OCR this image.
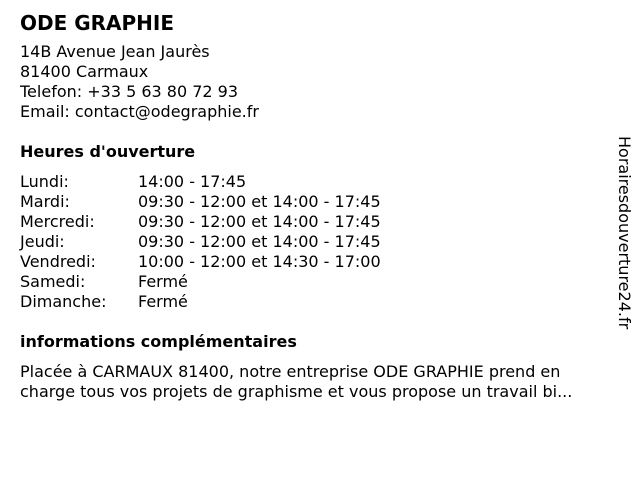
ODE GRAPHIE
14B Avenue Jean Jaurès
81400 Carmaux
Telefon: +33 5 63 80 72 93
Email: contact@odegraphie.fr
Heures d'ouverture
Lundi:	14:00 - 17:45
Mardi:	09:30 - 12:00 et 14:00 - 17:45
Mercredi:	09:30 - 12:00 et 14:00 - 17:45
Jeudi:	09:30 - 12:00 et 14:00 - 17:45
Vendredi:	10:00 - 12:00 et 14:30 - 17:00
Samedi:	Fermé
Dimanche:	Fermé
informations complémentaires
Placée à CARMAUX 81400, notre entreprise ODE GRAPHIE prend en
charge tous vos projets de graphisme et vous propose un travail bi...
Horairesdouverture24.fr
